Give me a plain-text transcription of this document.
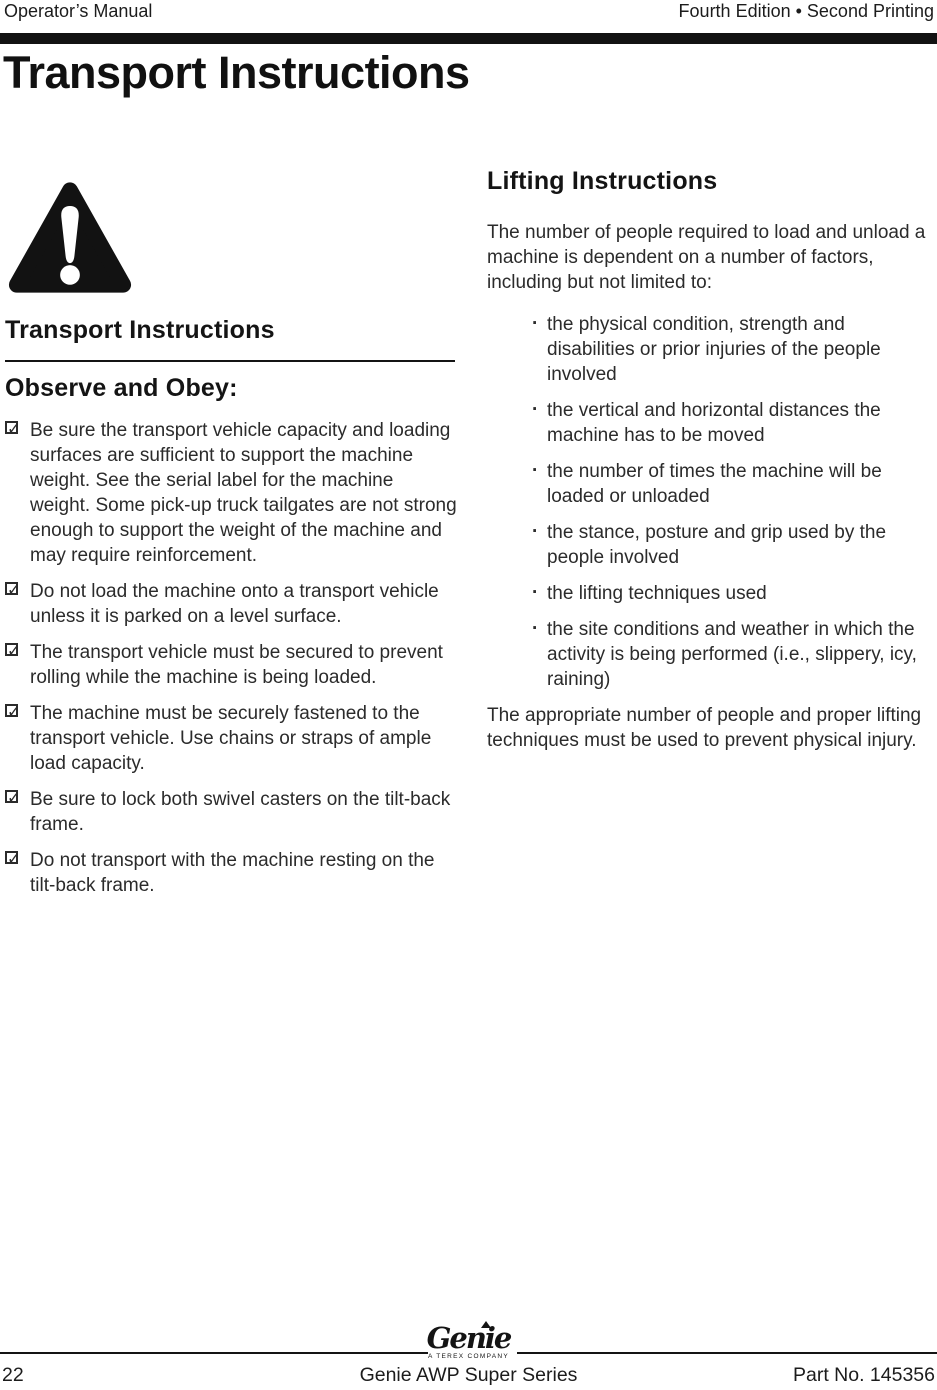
Operator’s Manual	Fourth Edition • Second Printing
Transport Instructions
Transport Instructions
Observe and Obey:
✓
Be sure the transport vehicle capacity and loading surfaces are sufficient to support the machine weight. See the serial label for the machine weight. Some pick-up truck tailgates are not strong enough to support the weight of the machine and may require reinforcement.
✓
Do not load the machine onto a transport vehicle unless it is parked on a level surface.
✓
The transport vehicle must be secured to prevent rolling while the machine is being loaded.
✓
The machine must be securely fastened to the transport vehicle. Use chains or straps of ample load capacity.
✓
Be sure to lock both swivel casters on the tilt-back frame.
✓
Do not transport with the machine resting on the tilt-back frame.
Lifting Instructions

The number of people required to load and unload a machine is dependent on a number of factors, including but not limited to:

· the physical condition, strength and disabilities or prior injuries of the people involved
· the vertical and horizontal distances the machine has to be moved
· the number of times the machine will be loaded or unloaded
· the stance, posture and grip used by the people involved
· the lifting techniques used
· the site conditions and weather in which the activity is being performed (i.e., slippery, icy, raining)

The appropriate number of people and proper lifting techniques must be used to prevent physical injury.

Genie
A TEREX COMPANY
22	Genie AWP Super Series	Part No. 145356
